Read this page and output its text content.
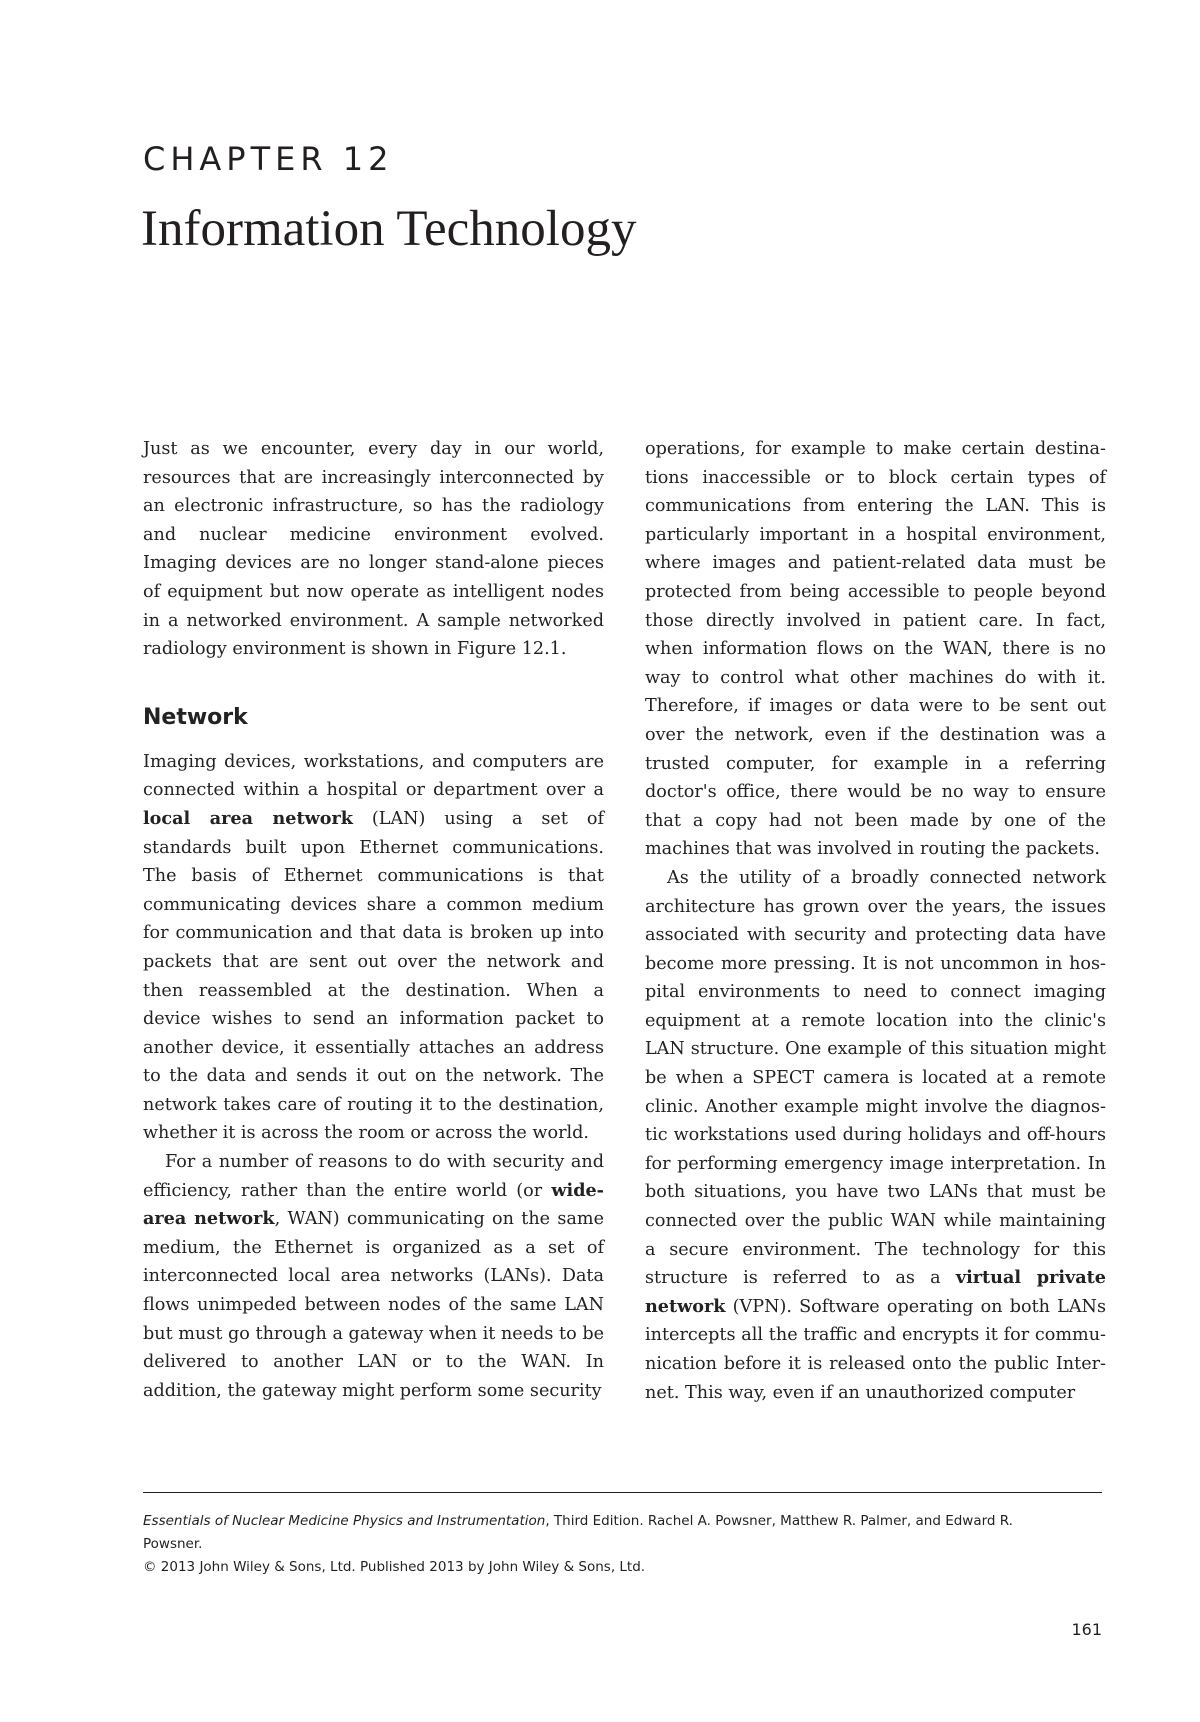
CHAPTER 12
Information Technology

Just as we encounter, every day in our world, resources that are increasingly interconnected by an electronic infrastructure, so has the radiology and nuclear medicine environment evolved. Imaging devices are no longer stand-alone pieces of equipment but now operate as intelligent nodes in a networked environment. A sample networked radiology environment is shown in Figure 12.1.

Network

Imaging devices, workstations, and computers are connected within a hospital or department over a local area network (LAN) using a set of standards built upon Ethernet communications. The basis of Ethernet communications is that communicating devices share a common medium for communication and that data is broken up into packets that are sent out over the network and then reassembled at the destination. When a device wishes to send an information packet to another device, it essentially attaches an address to the data and sends it out on the network. The network takes care of routing it to the destination, whether it is across the room or across the world.

For a number of reasons to do with security and efficiency, rather than the entire world (or wide-area network, WAN) communicating on the same medium, the Ethernet is organized as a set of interconnected local area networks (LANs). Data flows unimpeded between nodes of the same LAN but must go through a gateway when it needs to be delivered to another LAN or to the WAN. In addition, the gateway might perform some security

operations, for example to make certain destinations inaccessible or to block certain types of communications from entering the LAN. This is particularly important in a hospital environment, where images and patient-related data must be protected from being accessible to people beyond those directly involved in patient care. In fact, when information flows on the WAN, there is no way to control what other machines do with it. Therefore, if images or data were to be sent out over the network, even if the destination was a trusted computer, for example in a referring doctor's office, there would be no way to ensure that a copy had not been made by one of the machines that was involved in routing the packets.

As the utility of a broadly connected network architecture has grown over the years, the issues associated with security and protecting data have become more pressing. It is not uncommon in hospital environments to need to connect imaging equipment at a remote location into the clinic's LAN structure. One example of this situation might be when a SPECT camera is located at a remote clinic. Another example might involve the diagnostic workstations used during holidays and off-hours for performing emergency image interpretation. In both situations, you have two LANs that must be connected over the public WAN while maintaining a secure environment. The technology for this structure is referred to as a virtual private network (VPN). Software operating on both LANs intercepts all the traffic and encrypts it for communication before it is released onto the public Internet. This way, even if an unauthorized computer

Essentials of Nuclear Medicine Physics and Instrumentation, Third Edition. Rachel A. Powsner, Matthew R. Palmer, and Edward R. Powsner.

© 2013 John Wiley & Sons, Ltd. Published 2013 by John Wiley & Sons, Ltd.

161
